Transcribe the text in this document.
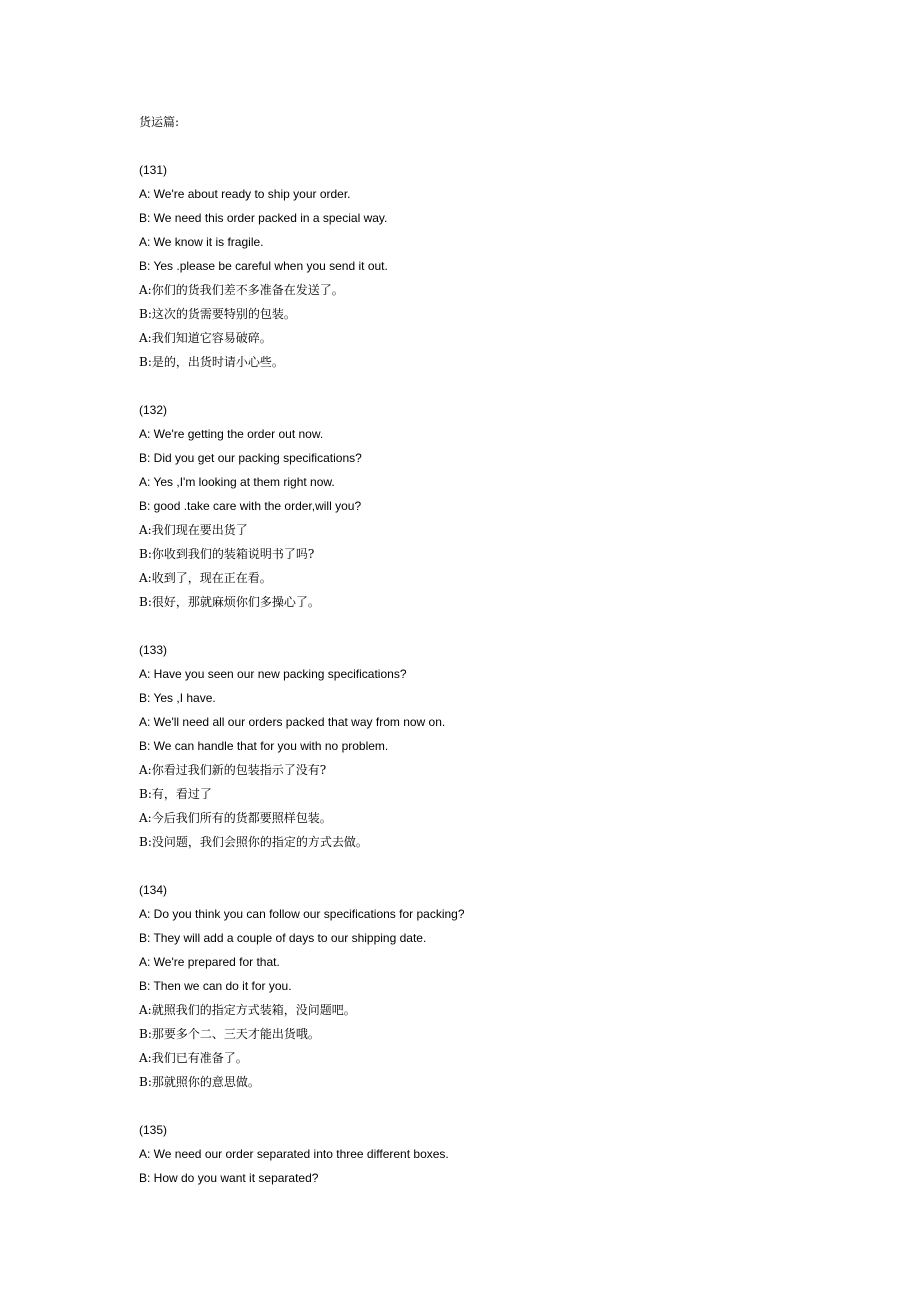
货运篇:

(131)

A: We're about ready to ship your order.

B: We need this order packed in a special way.

A: We know it is fragile.

B: Yes .please be careful when you send it out.

A:你们的货我们差不多准备在发送了。

B:这次的货需要特别的包装。

A:我们知道它容易破碎。

B:是的，出货时请小心些。

(132)

A: We're getting the order out now.

B: Did you get our packing specifications?

A: Yes ,I'm looking at them right now.

B: good .take care with the order,will you?

A:我们现在要出货了

B:你收到我们的装箱说明书了吗?

A:收到了，现在正在看。

B:很好，那就麻烦你们多操心了。

(133)

A: Have you seen our new packing specifications?

B: Yes ,I have.

A: We'll need all our orders packed that way from now on.

B: We can handle that for you with no problem.

A:你看过我们新的包装指示了没有?

B:有，看过了

A:今后我们所有的货都要照样包装。

B:没问题，我们会照你的指定的方式去做。

(134)

A: Do you think you can follow our specifications for packing?

B: They will add a couple of days to our shipping date.

A: We're prepared for that.

B: Then we can do it for you.

A:就照我们的指定方式装箱，没问题吧。

B:那要多个二、三天才能出货哦。

A:我们已有准备了。

B:那就照你的意思做。

(135)

A: We need our order separated into three different boxes.

B: How do you want it separated?
